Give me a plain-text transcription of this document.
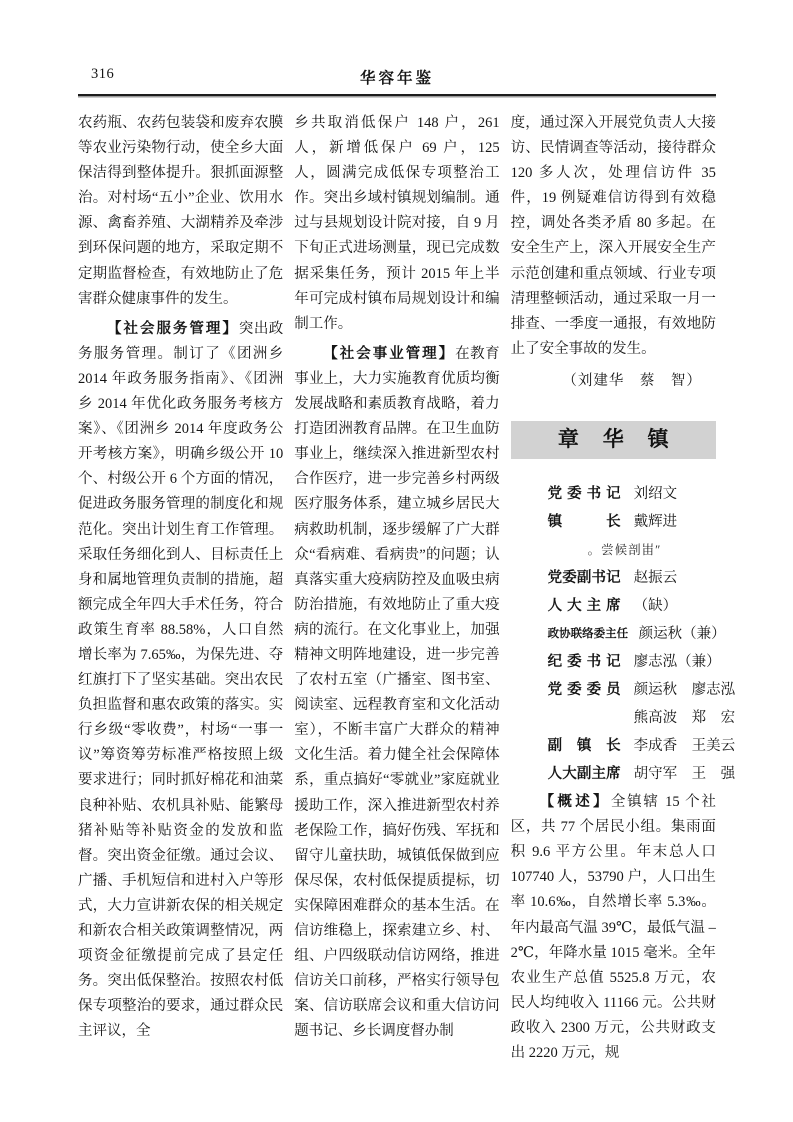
316	华容年鉴

农药瓶、农药包装袋和废弃农膜等农业污染物行动，使全乡大面保洁得到整体提升。狠抓面源整治。对村场“五小”企业、饮用水源、禽畜养殖、大湖精养及牵涉到环保问题的地方，采取定期不定期监督检查，有效地防止了危害群众健康事件的发生。

【社会服务管理】突出政务服务管理。制订了《团洲乡 2014 年政务服务指南》、《团洲乡 2014 年优化政务服务考核方案》、《团洲乡 2014 年度政务公开考核方案》，明确乡级公开 10 个、村级公开 6 个方面的情况，促进政务服务管理的制度化和规范化。突出计划生育工作管理。采取任务细化到人、目标责任上身和属地管理负责制的措施，超额完成全年四大手术任务，符合政策生育率 88.58%，人口自然增长率为 7.65‰，为保先进、夺红旗打下了坚实基础。突出农民负担监督和惠农政策的落实。实行乡级“零收费”，村场“一事一议”筹资筹劳标准严格按照上级要求进行；同时抓好棉花和油菜良种补贴、农机具补贴、能繁母猪补贴等补贴资金的发放和监督。突出资金征缴。通过会议、广播、手机短信和进村入户等形式，大力宣讲新农保的相关规定和新农合相关政策调整情况，两项资金征缴提前完成了县定任务。突出低保整治。按照农村低保专项整治的要求，通过群众民主评议，全

乡共取消低保户 148 户，261 人，新增低保户 69 户，125 人，圆满完成低保专项整治工作。突出乡域村镇规划编制。通过与县规划设计院对接，自 9 月下旬正式进场测量，现已完成数据采集任务，预计 2015 年上半年可完成村镇布局规划设计和编制工作。

【社会事业管理】在教育事业上，大力实施教育优质均衡发展战略和素质教育战略，着力打造团洲教育品牌。在卫生血防事业上，继续深入推进新型农村合作医疗，进一步完善乡村两级医疗服务体系，建立城乡居民大病救助机制，逐步缓解了广大群众“看病难、看病贵”的问题；认真落实重大疫病防控及血吸虫病防治措施，有效地防止了重大疫病的流行。在文化事业上，加强精神文明阵地建设，进一步完善了农村五室（广播室、图书室、阅读室、远程教育室和文化活动室），不断丰富广大群众的精神文化生活。着力健全社会保障体系，重点搞好“零就业”家庭就业援助工作，深入推进新型农村养老保险工作，搞好伤残、军抚和留守儿童扶助，城镇低保做到应保尽保，农村低保提质提标，切实保障困难群众的基本生活。在信访维稳上，探索建立乡、村、组、户四级联动信访网络，推进信访关口前移，严格实行领导包案、信访联席会议和重大信访问题书记、乡长调度督办制

度，通过深入开展党负责人大接访、民情调查等活动，接待群众 120 多人次，处理信访件 35 件，19 例疑难信访得到有效稳控，调处各类矛盾 80 多起。在安全生产上，深入开展安全生产示范创建和重点领域、行业专项清理整顿活动，通过采取一月一排查、一季度一通报，有效地防止了安全事故的发生。

（刘建华　蔡　智）

章 华 镇
党委书记 刘绍文
镇长 戴辉进
。尝候剖峀″
党委副书记 赵振云
人大主席 （缺）
政协联络委主任 颜运秋（兼）
纪委书记 廖志泓（兼）
党委委员 颜运秋　廖志泓
熊高波　郑　宏
副镇长 李成香　王美云
人大副主席 胡守军　王　强

【概述】全镇辖 15 个社区，共 77 个居民小组。集雨面积 9.6 平方公里。年末总人口 107740 人，53790 户，人口出生率 10.6‰，自然增长率 5.3‰。年内最高气温 39℃，最低气温 –2℃，年降水量 1015 毫米。全年农业生产总值 5525.8 万元，农民人均纯收入 11166 元。公共财政收入 2300 万元，公共财政支出 2220 万元，规
